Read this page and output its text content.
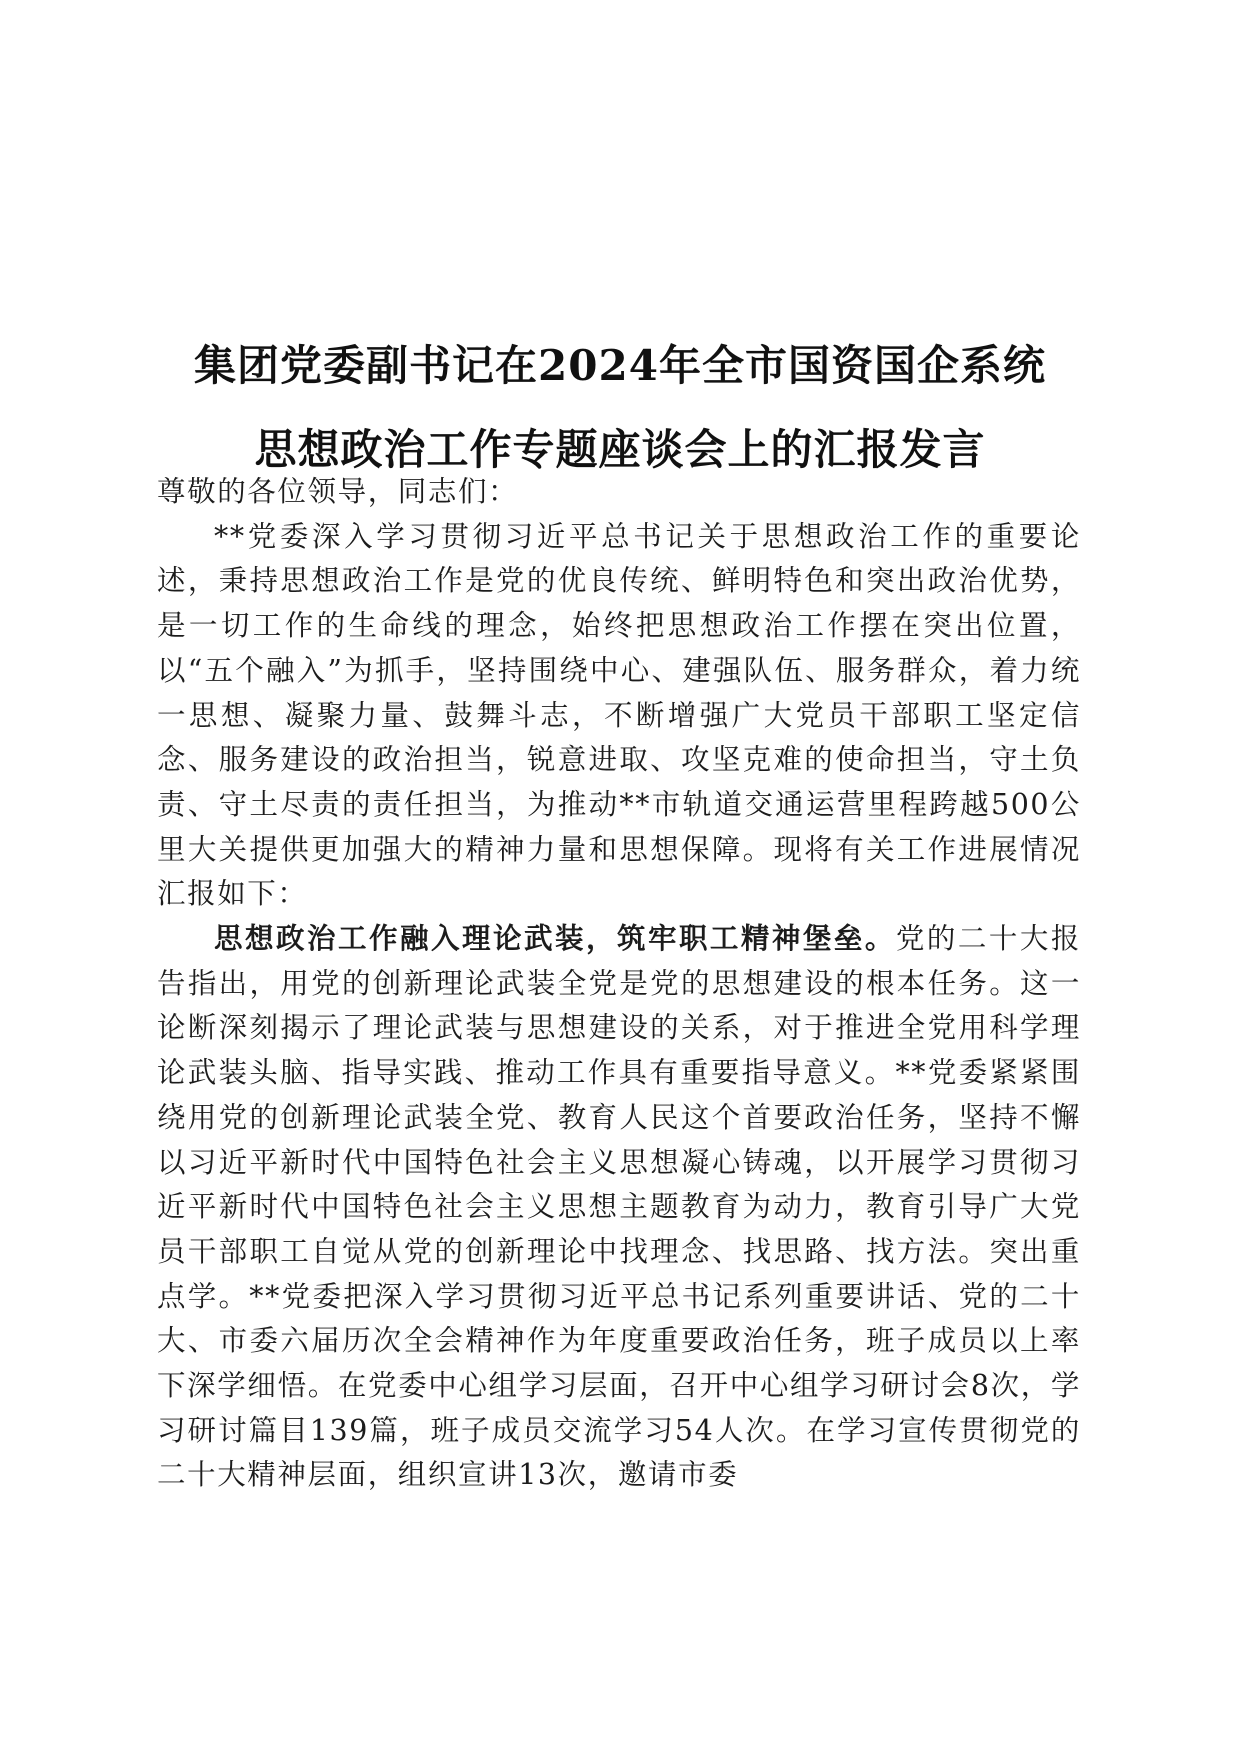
集团党委副书记在2024年全市国资国企系统
思想政治工作专题座谈会上的汇报发言

尊敬的各位领导，同志们：

**党委深入学习贯彻习近平总书记关于思想政治工作的重要论述，秉持思想政治工作是党的优良传统、鲜明特色和突出政治优势，是一切工作的生命线的理念，始终把思想政治工作摆在突出位置，以“五个融入”为抓手，坚持围绕中心、建强队伍、服务群众，着力统一思想、凝聚力量、鼓舞斗志，不断增强广大党员干部职工坚定信念、服务建设的政治担当，锐意进取、攻坚克难的使命担当，守土负责、守土尽责的责任担当，为推动**市轨道交通运营里程跨越500公里大关提供更加强大的精神力量和思想保障。现将有关工作进展情况汇报如下：

思想政治工作融入理论武装，筑牢职工精神堡垒。党的二十大报告指出，用党的创新理论武装全党是党的思想建设的根本任务。这一论断深刻揭示了理论武装与思想建设的关系，对于推进全党用科学理论武装头脑、指导实践、推动工作具有重要指导意义。**党委紧紧围绕用党的创新理论武装全党、教育人民这个首要政治任务，坚持不懈以习近平新时代中国特色社会主义思想凝心铸魂，以开展学习贯彻习近平新时代中国特色社会主义思想主题教育为动力，教育引导广大党员干部职工自觉从党的创新理论中找理念、找思路、找方法。突出重点学。**党委把深入学习贯彻习近平总书记系列重要讲话、党的二十大、市委六届历次全会精神作为年度重要政治任务，班子成员以上率下深学细悟。在党委中心组学习层面，召开中心组学习研讨会8次，学习研讨篇目139篇，班子成员交流学习54人次。在学习宣传贯彻党的二十大精神层面，组织宣讲13次，邀请市委
